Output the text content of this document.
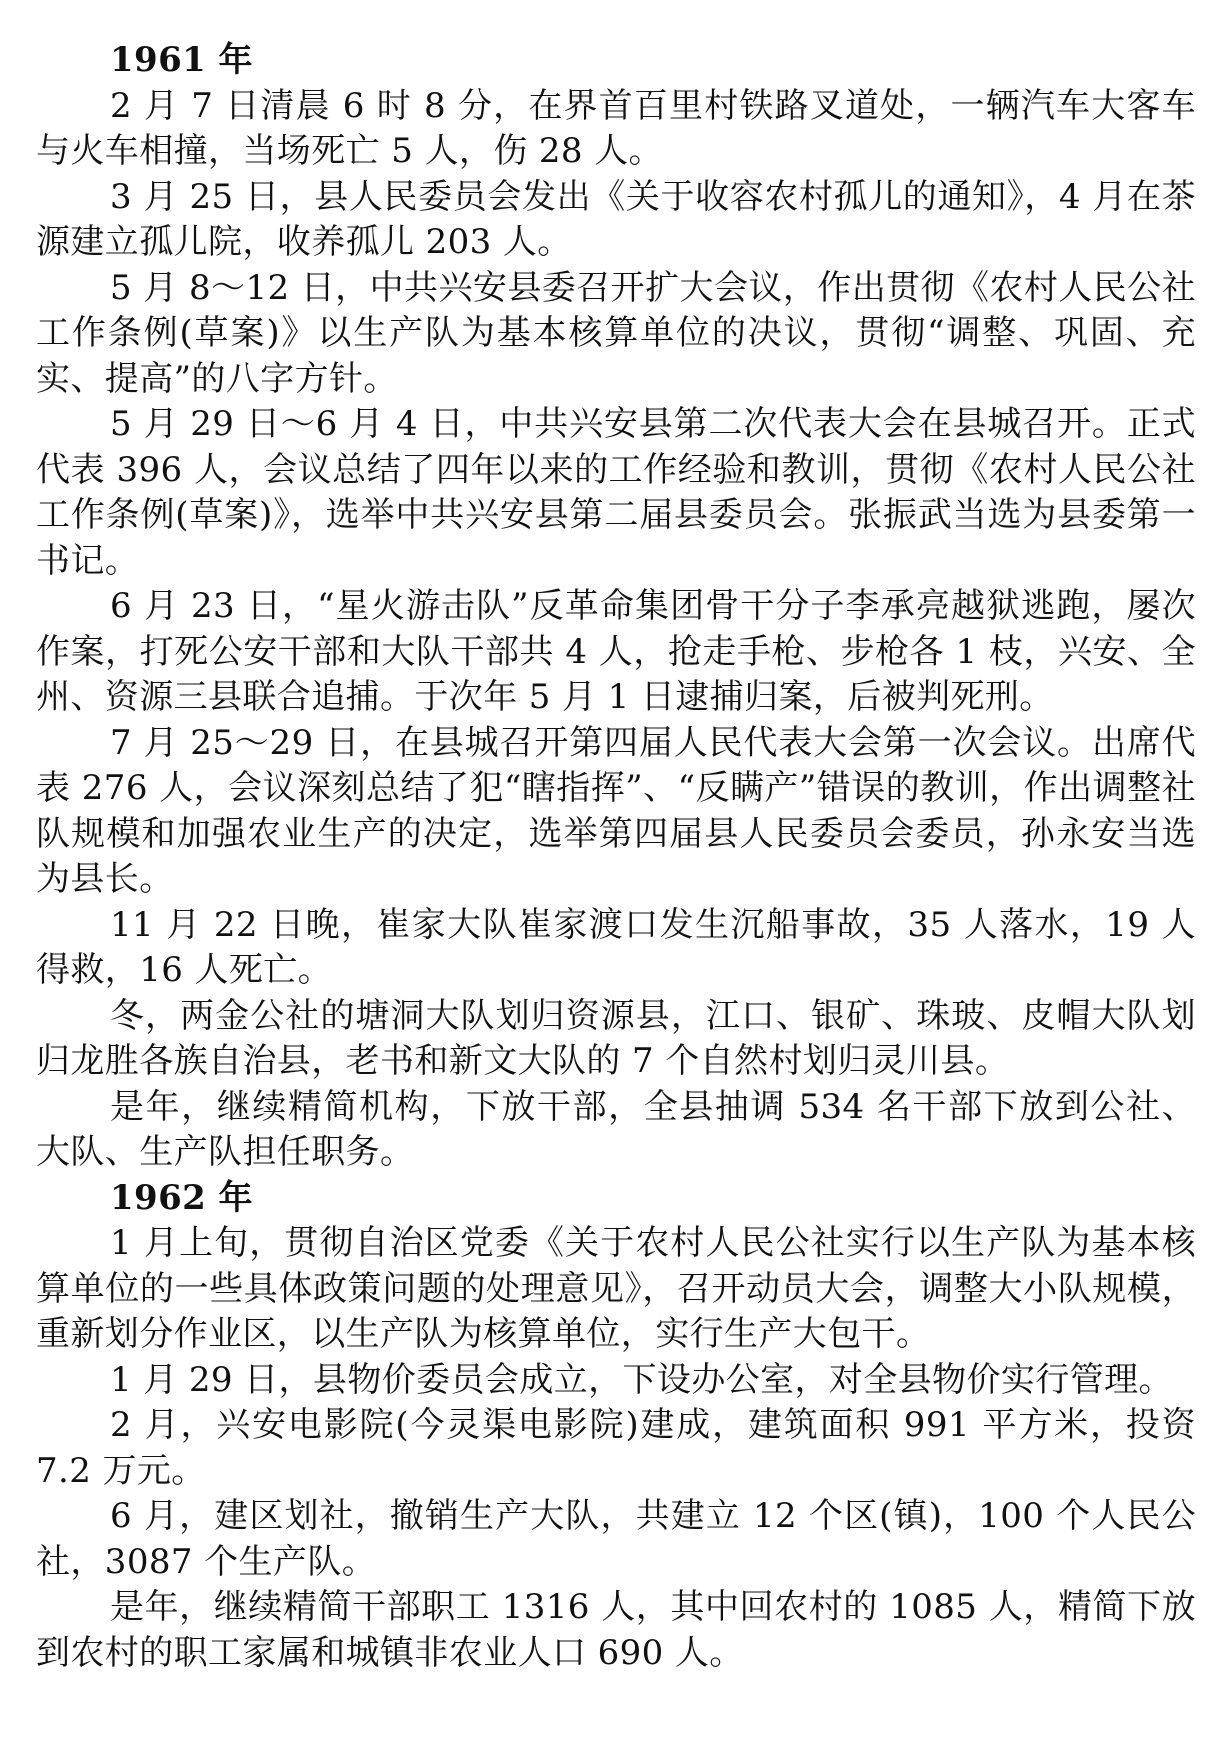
1961 年

2 月 7 日清晨 6 时 8 分，在界首百里村铁路叉道处，一辆汽车大客车与火车相撞，当场死亡 5 人，伤 28 人。

3 月 25 日，县人民委员会发出《关于收容农村孤儿的通知》，4 月在茶源建立孤儿院，收养孤儿 203 人。

5 月 8～12 日，中共兴安县委召开扩大会议，作出贯彻《农村人民公社工作条例(草案)》以生产队为基本核算单位的决议，贯彻“调整、巩固、充实、提高”的八字方针。

5 月 29 日～6 月 4 日，中共兴安县第二次代表大会在县城召开。正式代表 396 人，会议总结了四年以来的工作经验和教训，贯彻《农村人民公社工作条例(草案)》，选举中共兴安县第二届县委员会。张振武当选为县委第一书记。

6 月 23 日，“星火游击队”反革命集团骨干分子李承亮越狱逃跑，屡次作案，打死公安干部和大队干部共 4 人，抢走手枪、步枪各 1 枝，兴安、全州、资源三县联合追捕。于次年 5 月 1 日逮捕归案，后被判死刑。

7 月 25～29 日，在县城召开第四届人民代表大会第一次会议。出席代表 276 人，会议深刻总结了犯“瞎指挥”、“反瞒产”错误的教训，作出调整社队规模和加强农业生产的决定，选举第四届县人民委员会委员，孙永安当选为县长。

11 月 22 日晚，崔家大队崔家渡口发生沉船事故，35 人落水，19 人得救，16 人死亡。

冬，两金公社的塘洞大队划归资源县，江口、银矿、珠玻、皮帽大队划归龙胜各族自治县，老书和新文大队的 7 个自然村划归灵川县。

是年，继续精简机构，下放干部，全县抽调 534 名干部下放到公社、大队、生产队担任职务。

1962 年

1 月上旬，贯彻自治区党委《关于农村人民公社实行以生产队为基本核算单位的一些具体政策问题的处理意见》，召开动员大会，调整大小队规模，重新划分作业区，以生产队为核算单位，实行生产大包干。

1 月 29 日，县物价委员会成立，下设办公室，对全县物价实行管理。

2 月，兴安电影院(今灵渠电影院)建成，建筑面积 991 平方米，投资 7.2 万元。

6 月，建区划社，撤销生产大队，共建立 12 个区(镇)，100 个人民公社，3087 个生产队。

是年，继续精简干部职工 1316 人，其中回农村的 1085 人，精简下放到农村的职工家属和城镇非农业人口 690 人。
